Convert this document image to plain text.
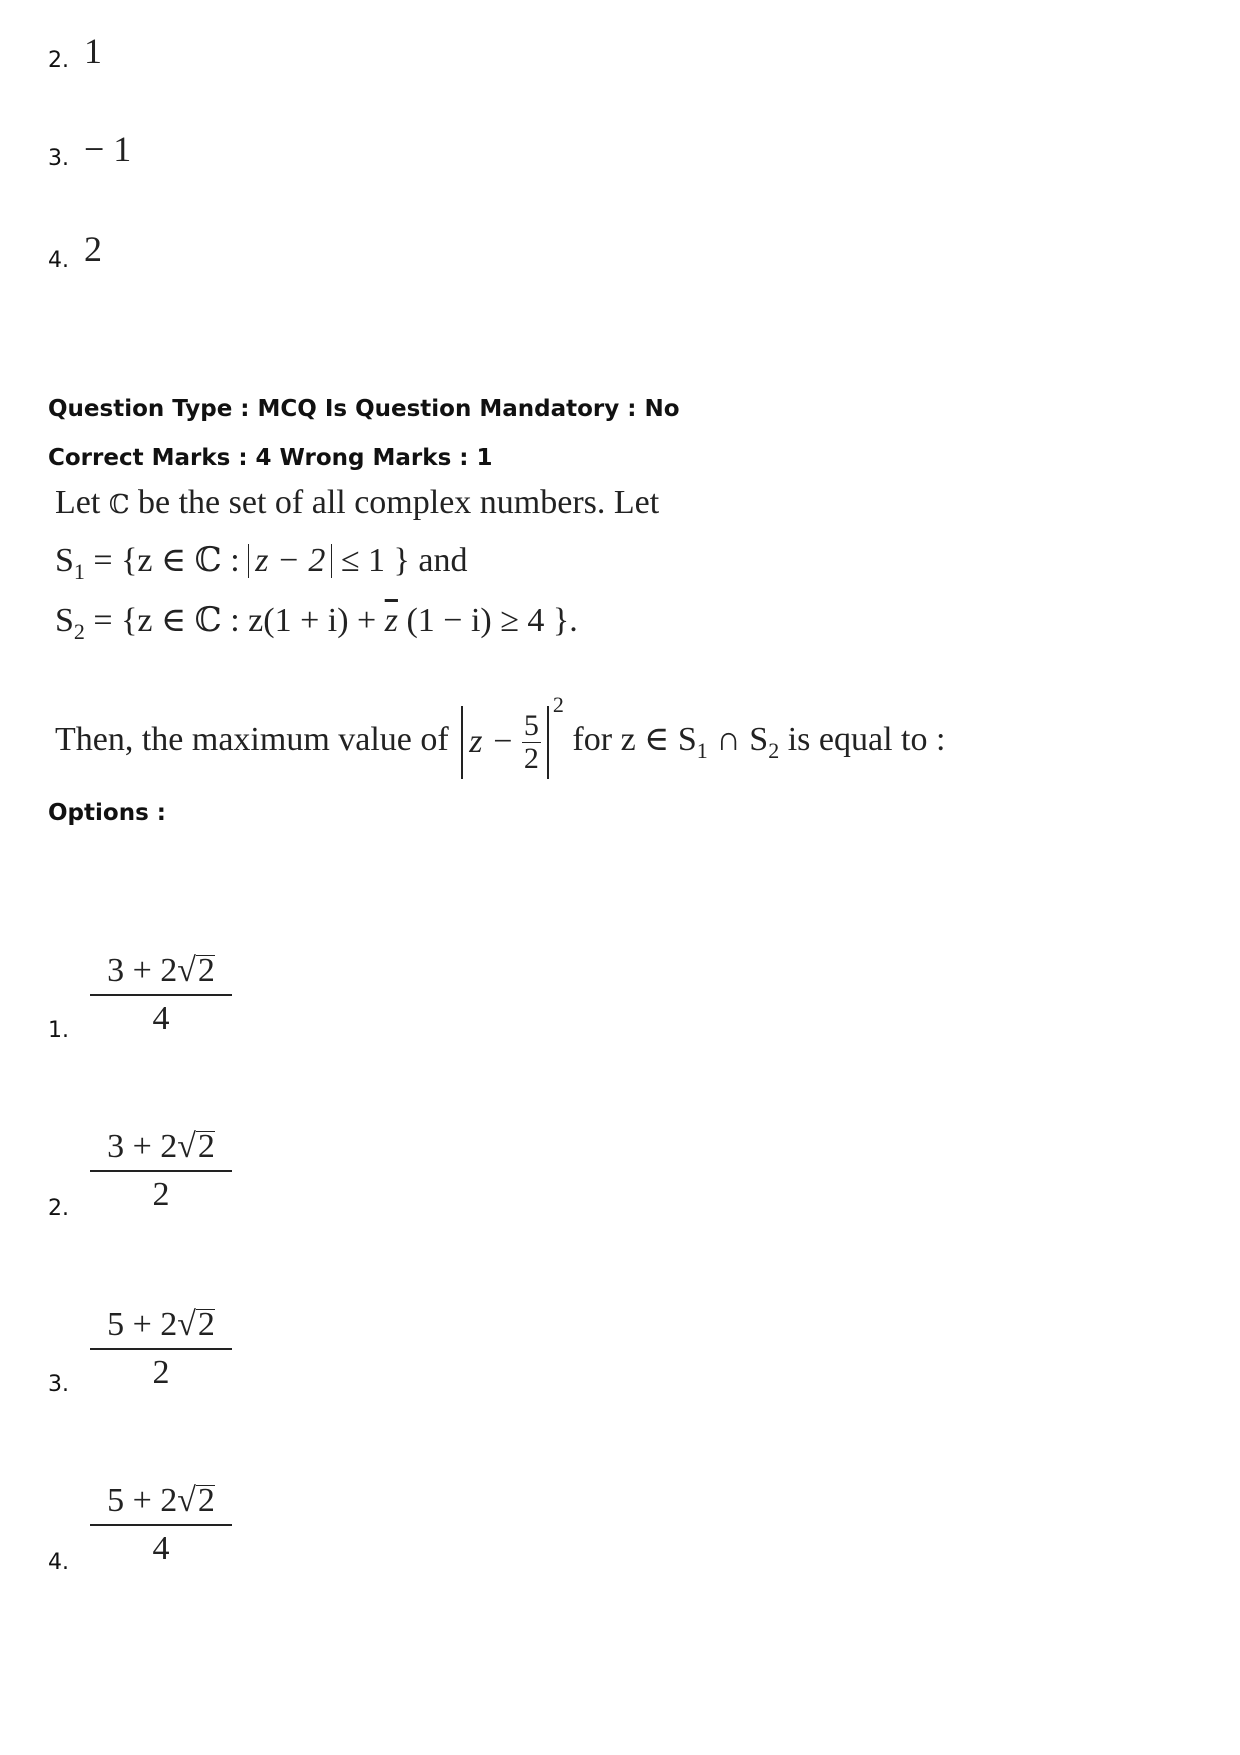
2. 1
3. − 1
4. 2
Question Type : MCQ Is Question Mandatory : No
Correct Marks : 4 Wrong Marks : 1
Let ℂ be the set of all complex numbers. Let
$S_1 = \{z$ ∈ ℂ : z − 2 ≤ 1 } and
$S_2 = \{z$ ∈ ℂ : $z(1 + i) + \overline{z}$ (1 − i) ≥ 4 }.
Then, the maximum value of $z - \frac{5}{2}$
$^2$ for z ∈ $S_1$ ∩ $S_2$ is equal to :
Options :
1. $\frac{3 + 2√2}{4}$
2. $\frac{3 + 2√2}{2}$
3. $\frac{5 + 2√2}{2}$
4. $\frac{5 + 2√2}{4}$
